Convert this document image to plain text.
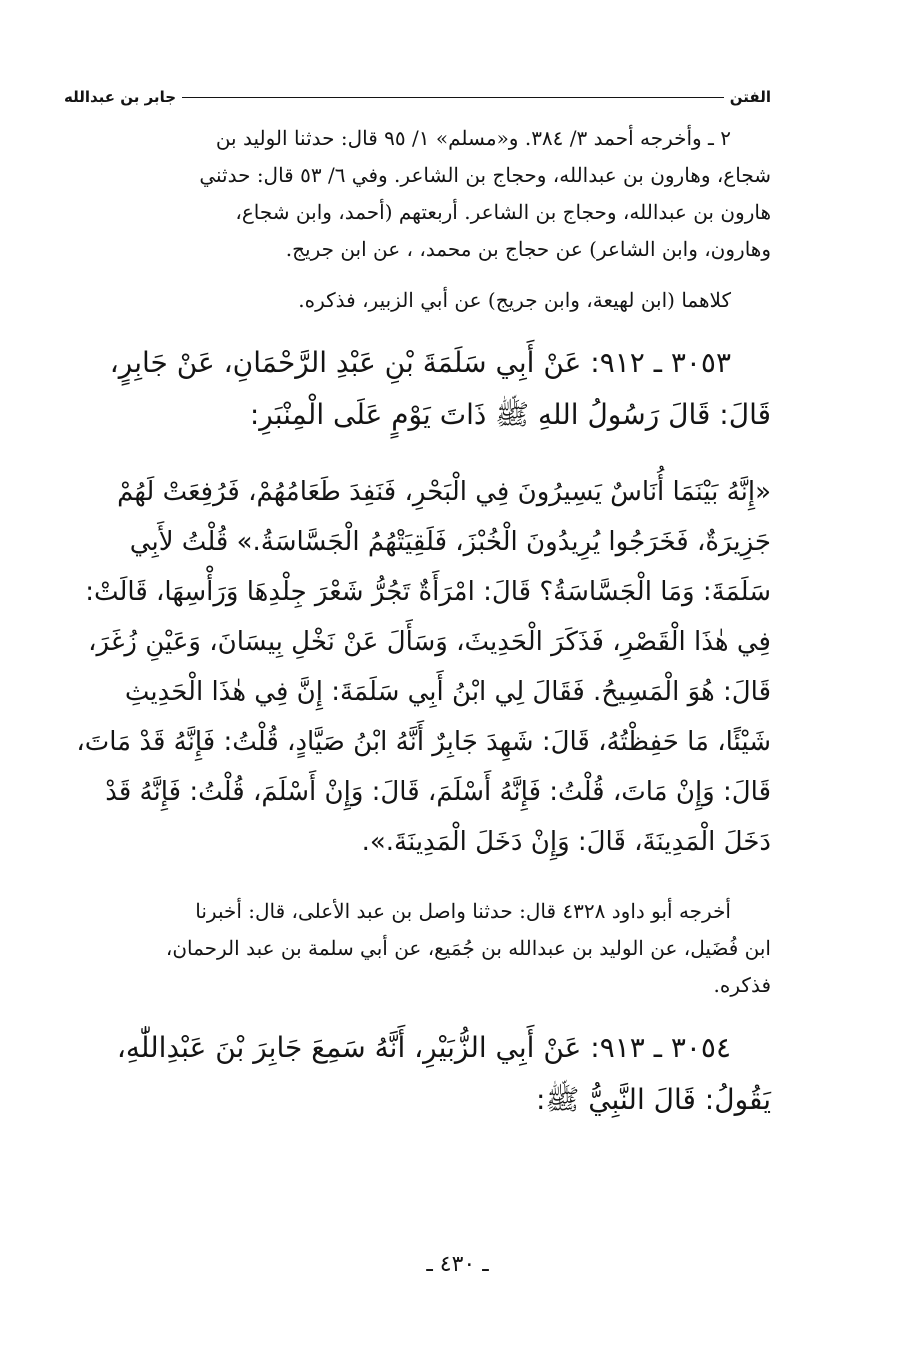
الفتن
جابر بن عبدالله

٢ ـ وأخرجه أحمد ٣/ ٣٨٤. و«مسلم» ١/ ٩٥ قال: حدثنا الوليد بن

شجاع، وهارون بن عبدالله، وحجاج بن الشاعر. وفي ٦/ ٥٣ قال: حدثني

هارون بن عبدالله، وحجاج بن الشاعر. أربعتهم (أحمد، وابن شجاع،

وهارون، وابن الشاعر) عن حجاج بن محمد، ، عن ابن جريج.

كلاهما (ابن لهيعة، وابن جريج) عن أبي الزبير، فذكره.

٣٠٥٣ ـ ٩١٢: عَنْ أَبِي سَلَمَةَ بْنِ عَبْدِ الرَّحْمَانِ، عَنْ جَابِرٍ،

قَالَ: قَالَ رَسُولُ اللهِ ﷺ ذَاتَ يَوْمٍ عَلَى الْمِنْبَرِ:

«إِنَّهُ بَيْنَمَا أُنَاسٌ يَسِيرُونَ فِي الْبَحْرِ، فَنَفِدَ طَعَامُهُمْ، فَرُفِعَتْ لَهُمْ

جَزِيرَةٌ، فَخَرَجُوا يُرِيدُونَ الْخُبْزَ، فَلَقِيَتْهُمُ الْجَسَّاسَةُ.» قُلْتُ لأَبِي

سَلَمَةَ: وَمَا الْجَسَّاسَةُ؟ قَالَ: امْرَأَةٌ تَجُرُّ شَعْرَ جِلْدِهَا وَرَأْسِهَا، قَالَتْ:

فِي هٰذَا الْقَصْرِ، فَذَكَرَ الْحَدِيثَ، وَسَأَلَ عَنْ نَخْلِ بِيسَانَ، وَعَيْنِ زُغَرَ،

قَالَ: هُوَ الْمَسِيحُ. فَقَالَ لِي ابْنُ أَبِي سَلَمَةَ: إِنَّ فِي هٰذَا الْحَدِيثِ

شَيْئًا، مَا حَفِظْتُهُ، قَالَ: شَهِدَ جَابِرٌ أَنَّهُ ابْنُ صَيَّادٍ، قُلْتُ: فَإِنَّهُ قَدْ مَاتَ،

قَالَ: وَإِنْ مَاتَ، قُلْتُ: فَإِنَّهُ أَسْلَمَ، قَالَ: وَإِنْ أَسْلَمَ، قُلْتُ: فَإِنَّهُ قَدْ

دَخَلَ الْمَدِينَةَ، قَالَ: وَإِنْ دَخَلَ الْمَدِينَةَ.».

أخرجه أبو داود ٤٣٢٨ قال: حدثنا واصل بن عبد الأعلى، قال: أخبرنا

ابن فُضَيل، عن الوليد بن عبدالله بن جُمَيع، عن أبي سلمة بن عبد الرحمان،

فذكره.

٣٠٥٤ ـ ٩١٣: عَنْ أَبِي الزُّبَيْرِ، أَنَّهُ سَمِعَ جَابِرَ بْنَ عَبْدِاللّٰهِ،

يَقُولُ: قَالَ النَّبِيُّ ﷺ:

ـ ٤٣٠ ـ
